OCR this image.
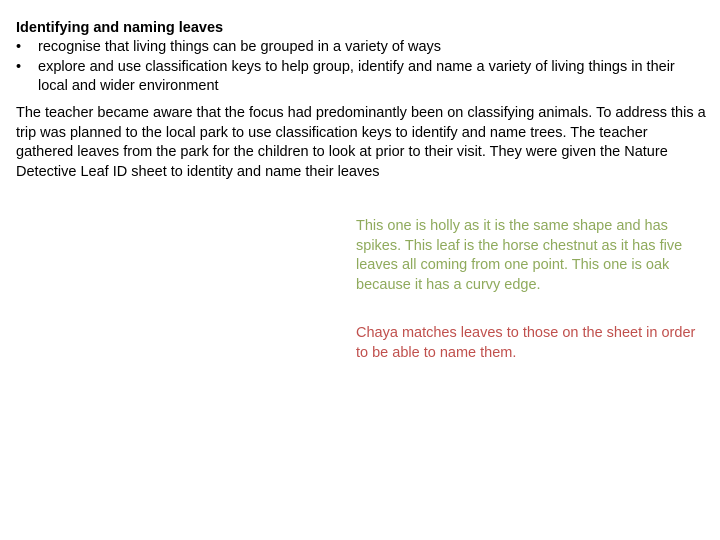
Identifying and naming leaves
• recognise that living things can be grouped in a variety of ways
• explore and use classification keys to help group, identify and name a variety of living things in their local and wider environment

The teacher became aware that the focus had predominantly been on classifying animals. To address this a trip was planned to the local park to use classification keys to identify and name trees. The teacher gathered leaves from the park for the children to look at prior to their visit. They were given the Nature Detective Leaf ID sheet to identity and name their leaves

This one is holly as it is the same shape and has spikes. This leaf is the horse chestnut as it has five leaves all coming from one point. This one is oak because it has a curvy edge.

Chaya matches leaves to those on the sheet in order to be able to name them.
